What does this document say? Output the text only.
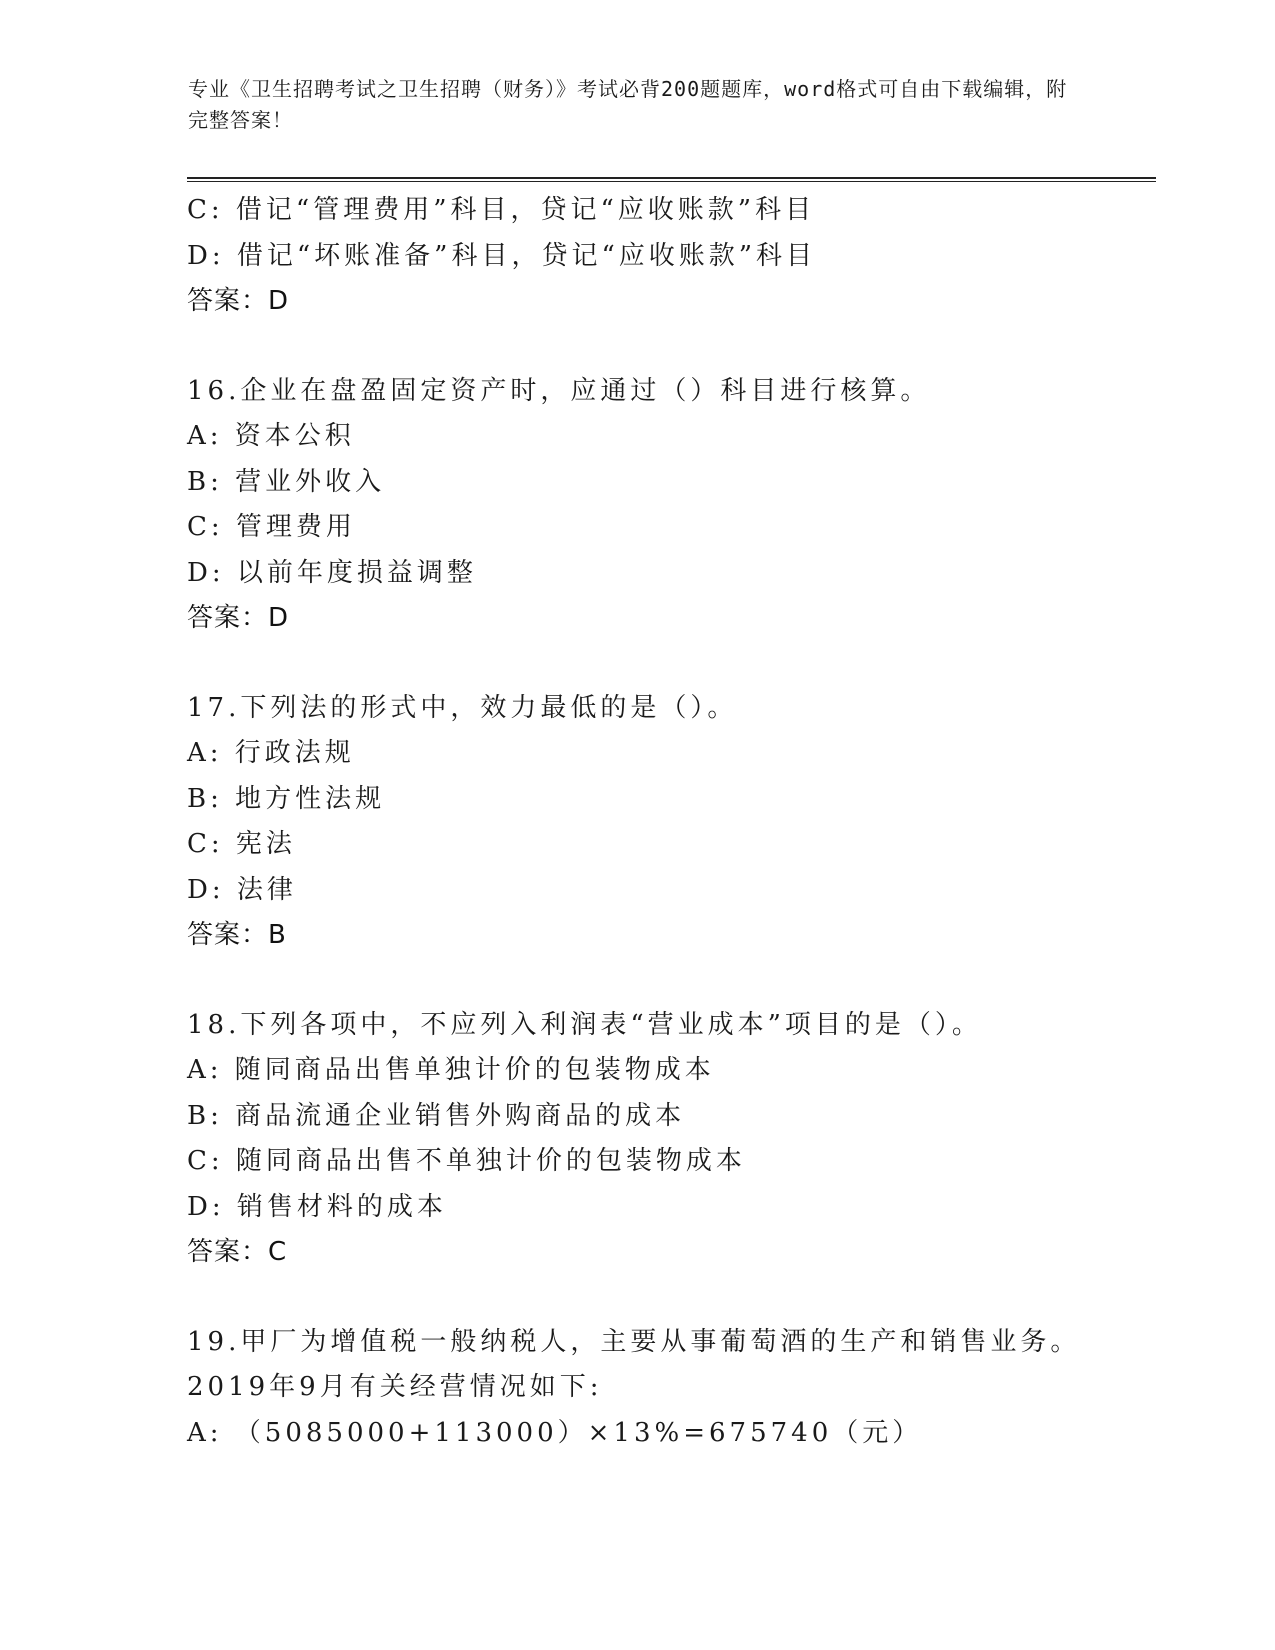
专业《卫生招聘考试之卫生招聘（财务）》考试必背200题题库，word格式可自由下载编辑，附完整答案！
C: 借记“管理费用”科目，贷记“应收账款”科目
D: 借记“坏账准备”科目，贷记“应收账款”科目
答案：D
16.企业在盘盈固定资产时，应通过（）科目进行核算。
A: 资本公积
B: 营业外收入
C: 管理费用
D: 以前年度损益调整
答案：D
17.下列法的形式中，效力最低的是（）。
A: 行政法规
B: 地方性法规
C: 宪法
D: 法律
答案：B
18.下列各项中，不应列入利润表“营业成本”项目的是（）。
A: 随同商品出售单独计价的包装物成本
B: 商品流通企业销售外购商品的成本
C: 随同商品出售不单独计价的包装物成本
D: 销售材料的成本
答案：C
19.甲厂为增值税一般纳税人，主要从事葡萄酒的生产和销售业务。
2019年9月有关经营情况如下:
A: （5085000+113000）×13%=675740（元）
